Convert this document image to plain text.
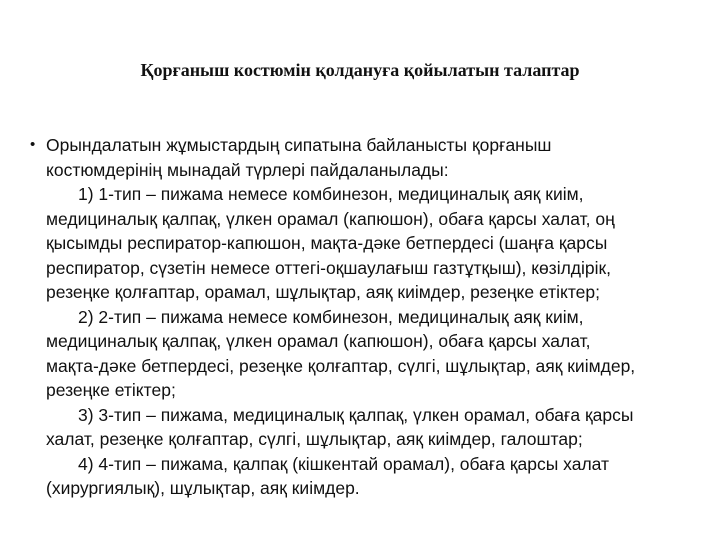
Қорғаныш костюмін қолдануға қойылатын талаптар
• Орындалатын жұмыстардың сипатына байланысты қорғаныш
костюмдерінің мынадай түрлері пайдаланылады:
1) 1-тип – пижама немесе комбинезон, медициналық аяқ киім,
медициналық қалпақ, үлкен орамал (капюшон), обаға қарсы халат, оң
қысымды респиратор-капюшон, мақта-дәке бетпердесі (шаңға қарсы
респиратор, сүзетін немесе оттегі-оқшаулағыш газтұтқыш), көзілдірік,
резеңке қолғаптар, орамал, шұлықтар, аяқ киімдер, резеңке етіктер;
2) 2-тип – пижама немесе комбинезон, медициналық аяқ киім,
медициналық қалпақ, үлкен орамал (капюшон), обаға қарсы халат,
мақта-дәке бетпердесі, резеңке қолғаптар, сүлгі, шұлықтар, аяқ киімдер,
резеңке етіктер;
3) 3-тип – пижама, медициналық қалпақ, үлкен орамал, обаға қарсы
халат, резеңке қолғаптар, сүлгі, шұлықтар, аяқ киімдер, галоштар;
4) 4-тип – пижама, қалпақ (кішкентай орамал), обаға қарсы халат
(хирургиялық), шұлықтар, аяқ киімдер.
